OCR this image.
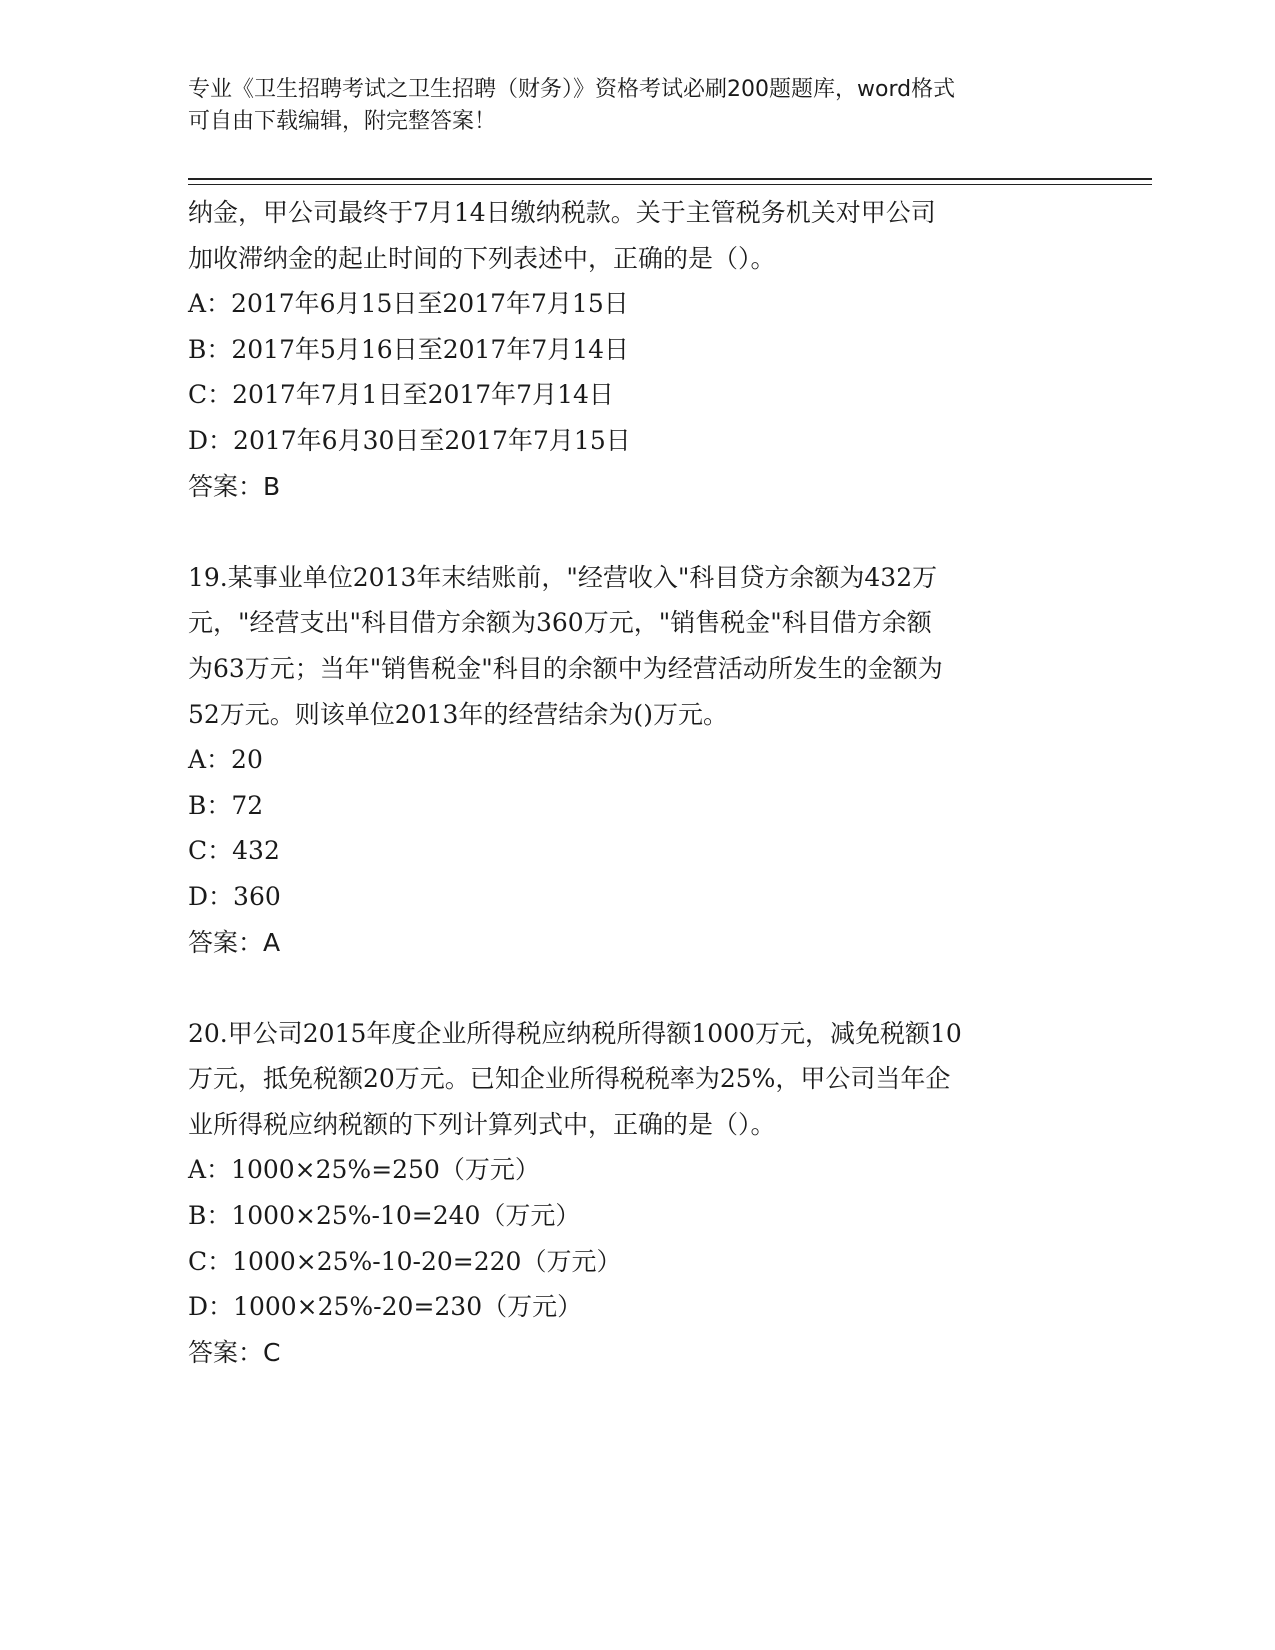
专业《卫生招聘考试之卫生招聘（财务）》资格考试必刷200题题库，word格式
可自由下载编辑，附完整答案！
纳金，甲公司最终于7月14日缴纳税款。关于主管税务机关对甲公司
加收滞纳金的起止时间的下列表述中，正确的是（）。
A：2017年6月15日至2017年7月15日
B：2017年5月16日至2017年7月14日
C：2017年7月1日至2017年7月14日
D：2017年6月30日至2017年7月15日
答案：B
19.某事业单位2013年末结账前，"经营收入"科目贷方余额为432万
元，"经营支出"科目借方余额为360万元，"销售税金"科目借方余额
为63万元；当年"销售税金"科目的余额中为经营活动所发生的金额为
52万元。则该单位2013年的经营结余为()万元。
A：20
B：72
C：432
D：360
答案：A
20.甲公司2015年度企业所得税应纳税所得额1000万元，减免税额10
万元，抵免税额20万元。已知企业所得税税率为25%，甲公司当年企
业所得税应纳税额的下列计算列式中，正确的是（）。
A：1000×25%=250（万元）
B：1000×25%-10=240（万元）
C：1000×25%-10-20=220（万元）
D：1000×25%-20=230（万元）
答案：C
